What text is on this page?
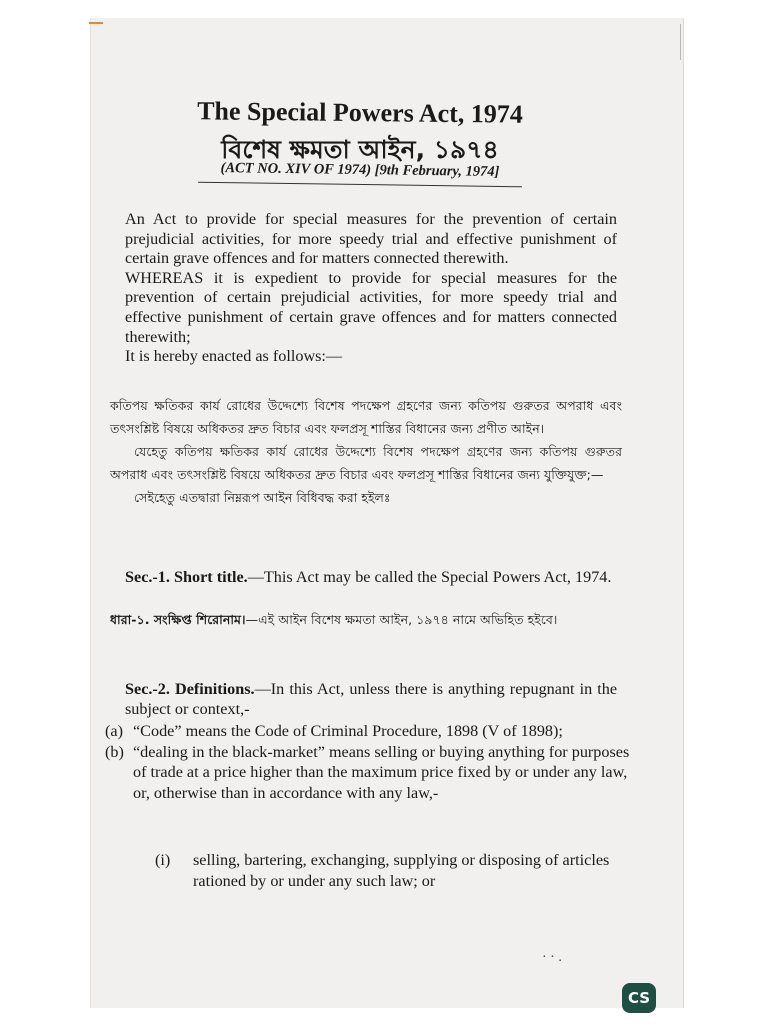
The Special Powers Act, 1974
বিশেষ ক্ষমতা আইন, ১৯৭৪
(ACT NO. XIV OF 1974) [9th February, 1974]
An Act to provide for special measures for the prevention of certain prejudicial activities, for more speedy trial and effective punishment of certain grave offences and for matters connected therewith.
WHEREAS it is expedient to provide for special measures for the prevention of certain prejudicial activities, for more speedy trial and effective punishment of certain grave offences and for matters connected therewith;
It is hereby enacted as follows:—
কতিপয় ক্ষতিকর কার্য রোধের উদ্দেশ্যে বিশেষ পদক্ষেপ গ্রহণের জন্য কতিপয় গুরুতর অপরাধ এবং তৎসংশ্লিষ্ট বিষয়ে অধিকতর দ্রুত বিচার এবং ফলপ্রসূ শাস্তির বিধানের জন্য প্রণীত আইন।
যেহেতু কতিপয় ক্ষতিকর কার্য রোধের উদ্দেশ্যে বিশেষ পদক্ষেপ গ্রহণের জন্য কতিপয় গুরুতর অপরাধ এবং তৎসংশ্লিষ্ট বিষয়ে অধিকতর দ্রুত বিচার এবং ফলপ্রসূ শাস্তির বিধানের জন্য যুক্তিযুক্ত;—
সেইহেতু এতদ্বারা নিম্নরূপ আইন বিধিবদ্ধ করা হইলঃ
Sec.-1. Short title.—This Act may be called the Special Powers Act, 1974.
ধারা-১. সংক্ষিপ্ত শিরোনাম।—এই আইন বিশেষ ক্ষমতা আইন, ১৯৭৪ নামে অভিহিত হইবে।
Sec.-2. Definitions.—In this Act, unless there is anything repugnant in the subject or context,-
(a) “Code” means the Code of Criminal Procedure, 1898 (V of 1898);
(b) “dealing in the black-market” means selling or buying anything for purposes of trade at a price higher than the maximum price fixed by or under any law, or, otherwise than in accordance with any law,-
(i)	selling, bartering, exchanging, supplying or disposing of articles rationed by or under any such law; or
· · .
CS
